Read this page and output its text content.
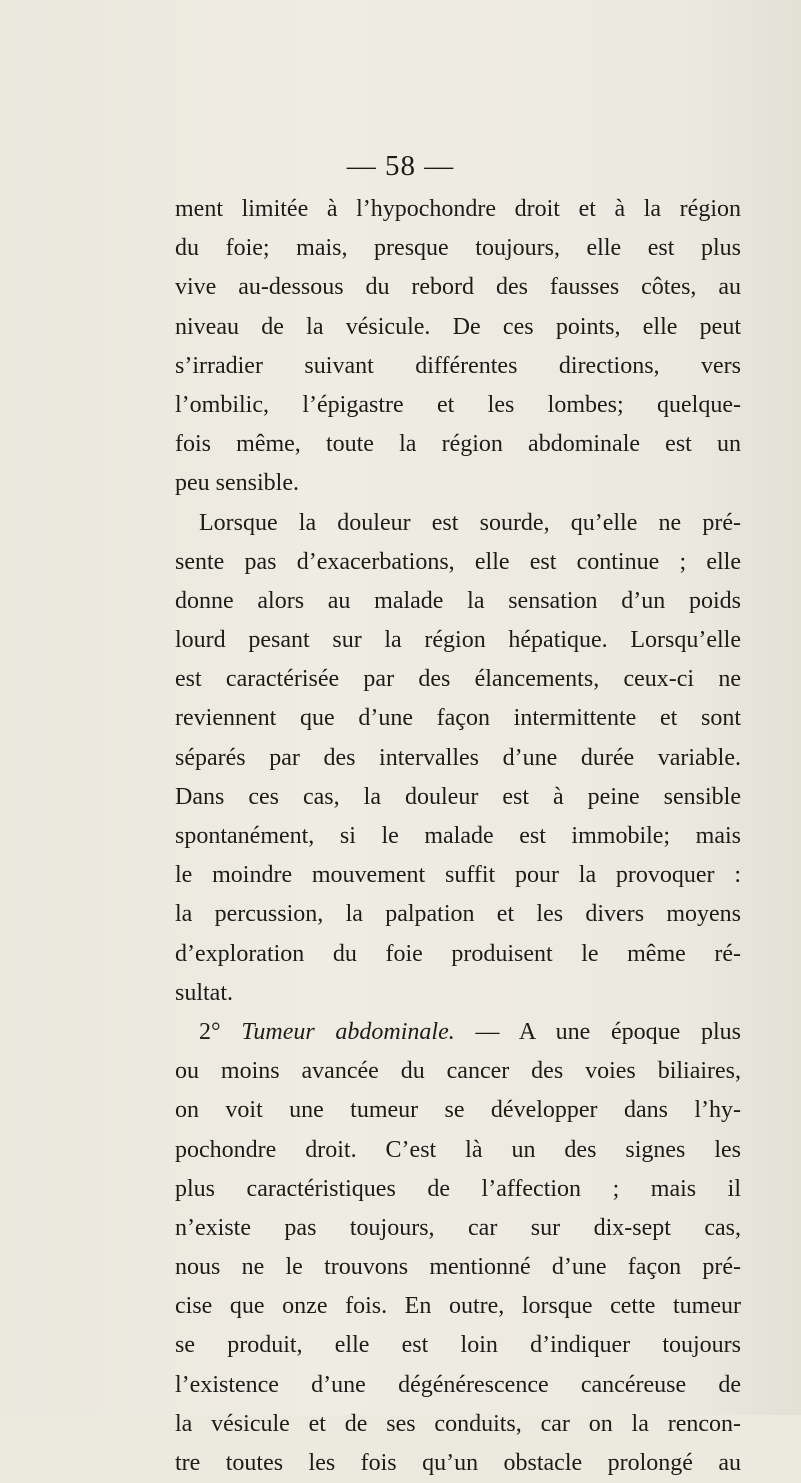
— 58 —
ment limitée à l’hypochondre droit et à la région
du foie; mais, presque toujours, elle est plus
vive au-dessous du rebord des fausses côtes, au
niveau de la vésicule. De ces points, elle peut
s’irradier suivant différentes directions, vers
l’ombilic, l’épigastre et les lombes; quelque-
fois même, toute la région abdominale est un
peu sensible.
Lorsque la douleur est sourde, qu’elle ne pré-
sente pas d’exacerbations, elle est continue ; elle
donne alors au malade la sensation d’un poids
lourd pesant sur la région hépatique. Lorsqu’elle
est caractérisée par des élancements, ceux-ci ne
reviennent que d’une façon intermittente et sont
séparés par des intervalles d’une durée variable.
Dans ces cas, la douleur est à peine sensible
spontanément, si le malade est immobile; mais
le moindre mouvement suffit pour la provoquer :
la percussion, la palpation et les divers moyens
d’exploration du foie produisent le même ré-
sultat.
2° Tumeur abdominale. — A une époque plus
ou moins avancée du cancer des voies biliaires,
on voit une tumeur se développer dans l’hy-
pochondre droit. C’est là un des signes les
plus caractéristiques de l’affection ; mais il
n’existe pas toujours, car sur dix-sept cas,
nous ne le trouvons mentionné d’une façon pré-
cise que onze fois. En outre, lorsque cette tumeur
se produit, elle est loin d’indiquer toujours
l’existence d’une dégénérescence cancéreuse de
la vésicule et de ses conduits, car on la rencon-
tre toutes les fois qu’un obstacle prolongé au
